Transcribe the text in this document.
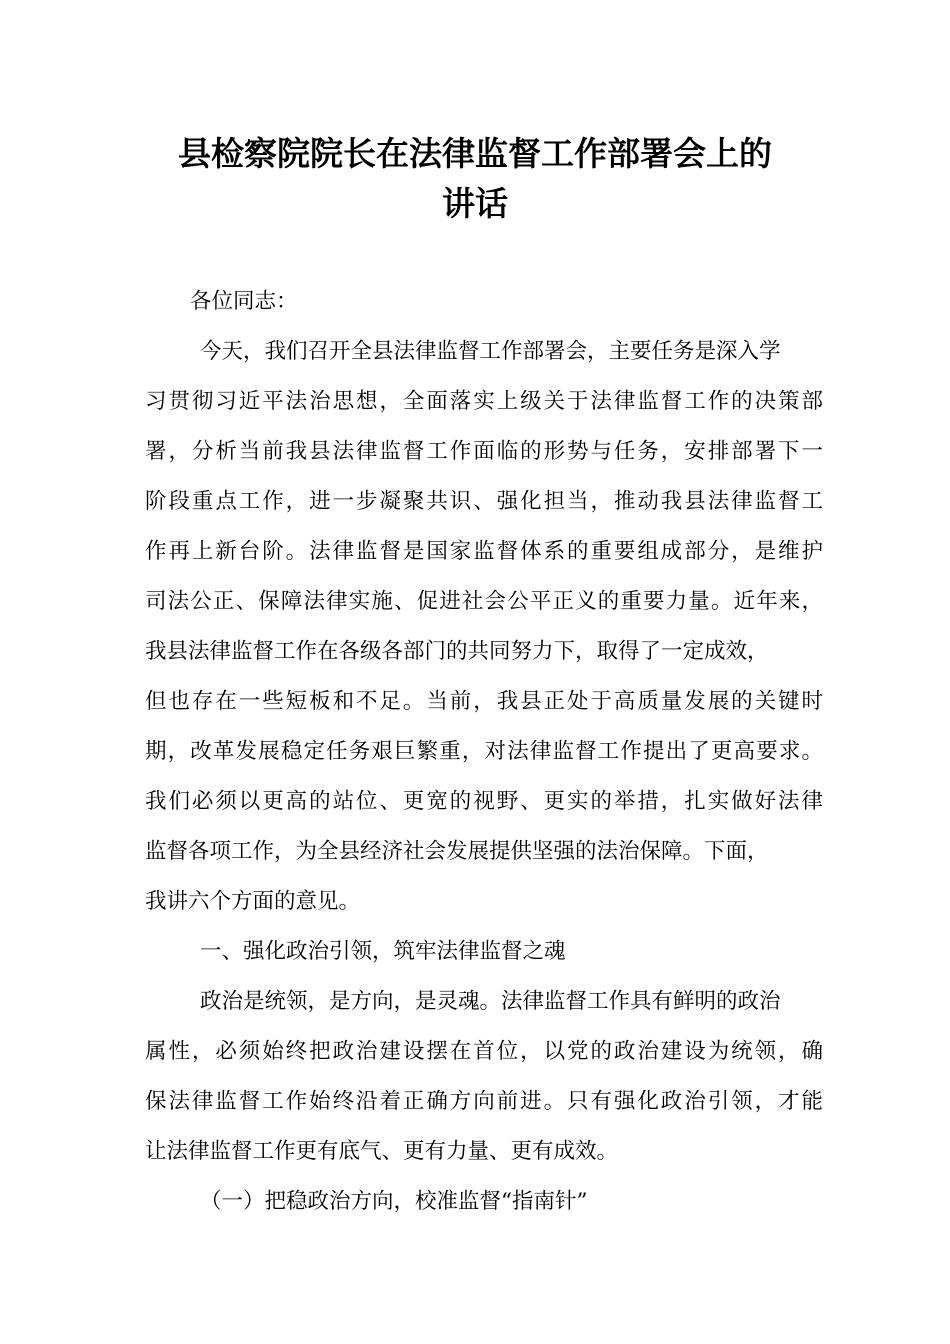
县检察院院长在法律监督工作部署会上的
讲话
各位同志：
今天，我们召开全县法律监督工作部署会，主要任务是深入学
习贯彻习近平法治思想，全面落实上级关于法律监督工作的决策部
署，分析当前我县法律监督工作面临的形势与任务，安排部署下一
阶段重点工作，进一步凝聚共识、强化担当，推动我县法律监督工
作再上新台阶。法律监督是国家监督体系的重要组成部分，是维护
司法公正、保障法律实施、促进社会公平正义的重要力量。近年来，
我县法律监督工作在各级各部门的共同努力下，取得了一定成效，
但也存在一些短板和不足。当前，我县正处于高质量发展的关键时
期，改革发展稳定任务艰巨繁重，对法律监督工作提出了更高要求。
我们必须以更高的站位、更宽的视野、更实的举措，扎实做好法律
监督各项工作，为全县经济社会发展提供坚强的法治保障。下面，
我讲六个方面的意见。
一、强化政治引领，筑牢法律监督之魂
政治是统领，是方向，是灵魂。法律监督工作具有鲜明的政治
属性，必须始终把政治建设摆在首位，以党的政治建设为统领，确
保法律监督工作始终沿着正确方向前进。只有强化政治引领，才能
让法律监督工作更有底气、更有力量、更有成效。
（一）把稳政治方向，校准监督“指南针”
